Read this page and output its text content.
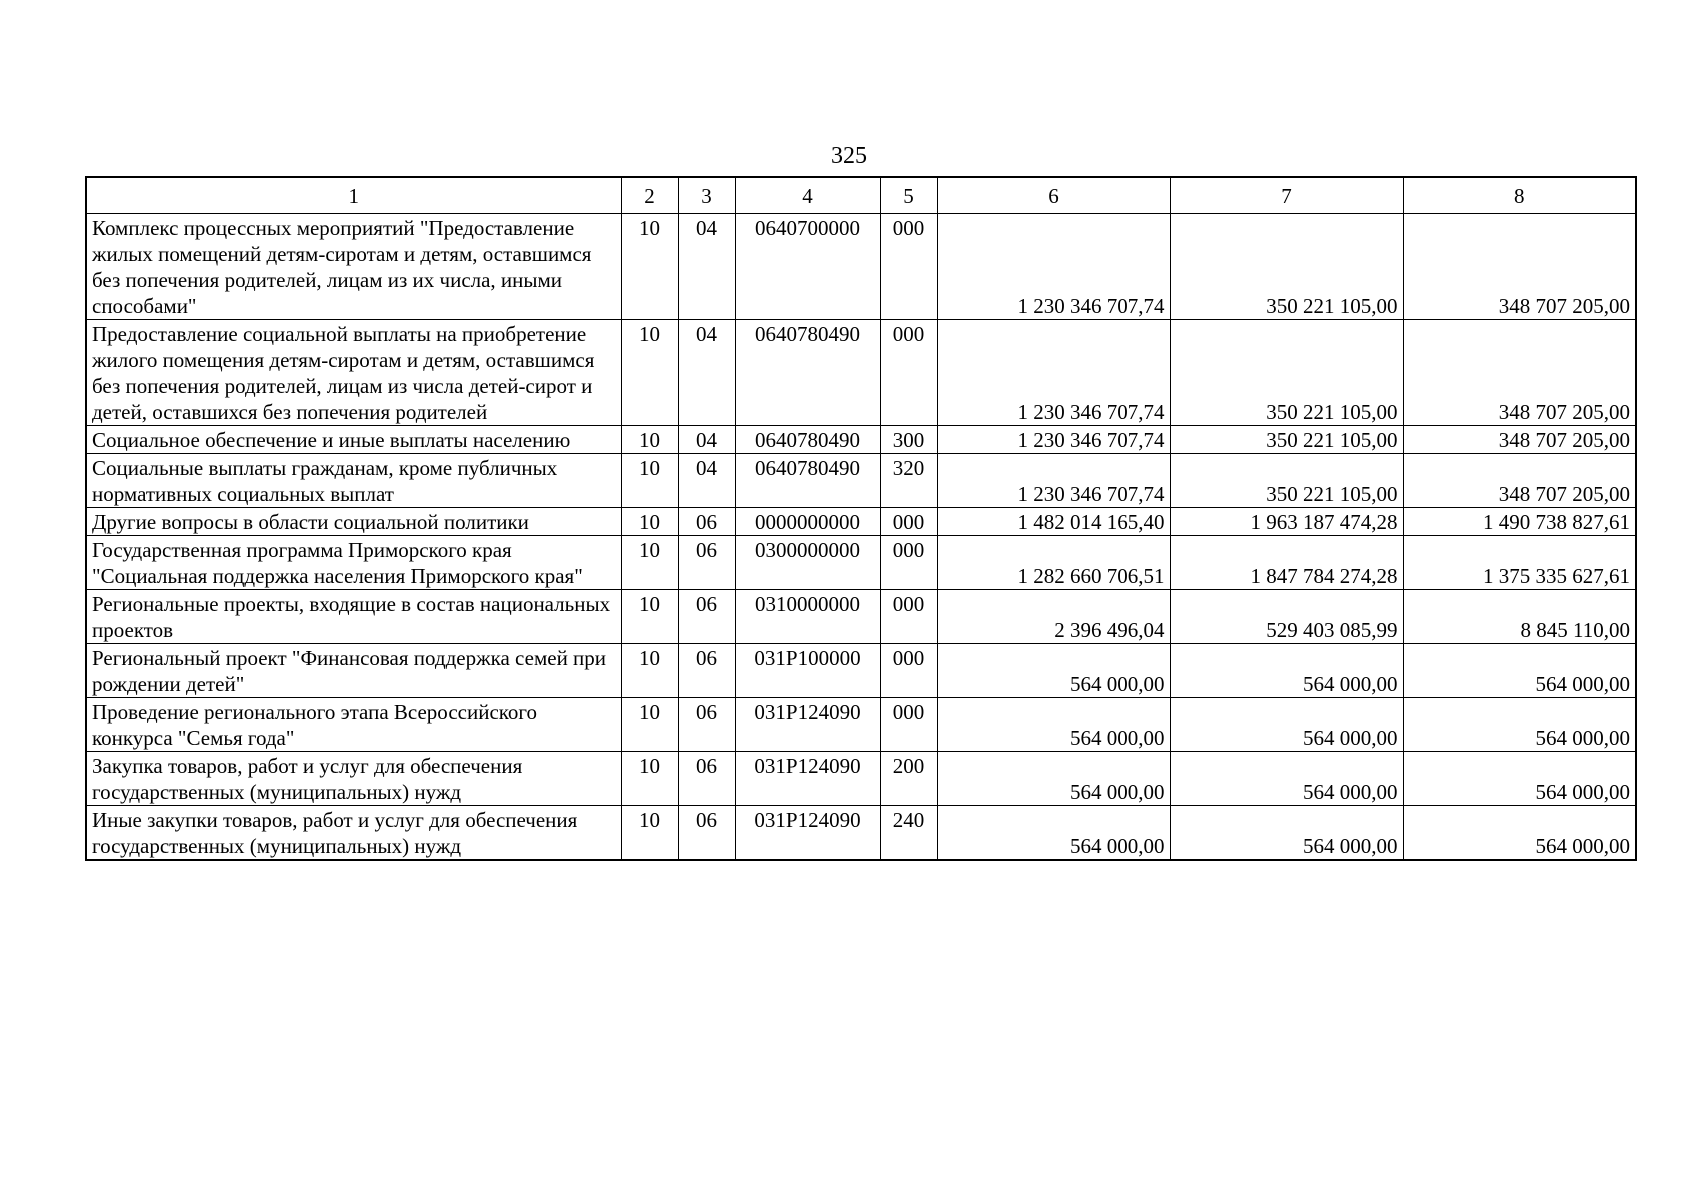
325
1	2	3	4	5	6	7	8
Комплекс процессных мероприятий "Предоставление жилых помещений детям-сиротам и детям, оставшимся без попечения родителей, лицам из их числа, иными способами"	10	04	0640700000	000	1 230 346 707,74	350 221 105,00	348 707 205,00
Предоставление социальной выплаты на приобретение жилого помещения детям-сиротам и детям, оставшимся без попечения родителей, лицам из числа детей-сирот и детей, оставшихся без попечения родителей	10	04	0640780490	000	1 230 346 707,74	350 221 105,00	348 707 205,00
Социальное обеспечение и иные выплаты населению	10	04	0640780490	300	1 230 346 707,74	350 221 105,00	348 707 205,00
Социальные выплаты гражданам, кроме публичных нормативных социальных выплат	10	04	0640780490	320	1 230 346 707,74	350 221 105,00	348 707 205,00
Другие вопросы в области социальной политики	10	06	0000000000	000	1 482 014 165,40	1 963 187 474,28	1 490 738 827,61
Государственная программа Приморского края "Социальная поддержка населения Приморского края"	10	06	0300000000	000	1 282 660 706,51	1 847 784 274,28	1 375 335 627,61
Региональные проекты, входящие в состав национальных проектов	10	06	0310000000	000	2 396 496,04	529 403 085,99	8 845 110,00
Региональный проект "Финансовая поддержка семей при рождении детей"	10	06	031P100000	000	564 000,00	564 000,00	564 000,00
Проведение регионального этапа Всероссийского конкурса "Семья года"	10	06	031P124090	000	564 000,00	564 000,00	564 000,00
Закупка товаров, работ и услуг для обеспечения государственных (муниципальных) нужд	10	06	031P124090	200	564 000,00	564 000,00	564 000,00
Иные закупки товаров, работ и услуг для обеспечения государственных (муниципальных) нужд	10	06	031P124090	240	564 000,00	564 000,00	564 000,00
